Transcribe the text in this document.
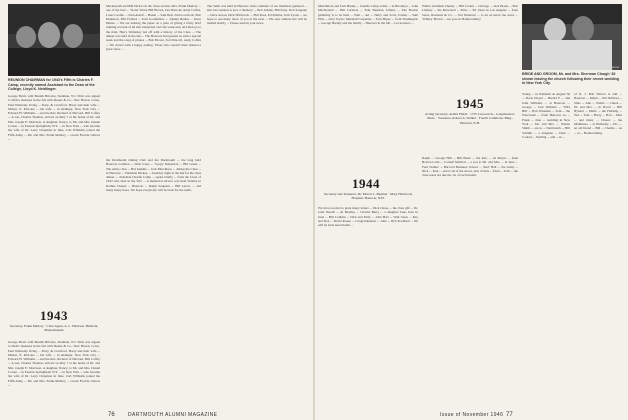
REUNION CHAIRMAN for 1943's Fifth is Charles F. Camp, recently named Assistant to the Dean of the College, Lloyd K. Neidlinger.
George Bevis with Beulah Bricaire, Stedman, N.J. Dick was signed to Dick's business in the fall with Dealer & Co., New Haven, Conn., Paul Wellesley Irving ... Perry, & Crawford. Harry and their wife ... Milton, E. McLane ... his wife ... in Aldinger, New York City ... Edward H. Williams ... and the Rev. Richard of Harvard. Bill Coffey ... A son, Charles Thomas, arrived on May 7 at the home of Dr. and Mrs. Joseph E. Morrison. A daughter, Nancy, to Mr. and Mrs. Daniel Corner ... in Eastern Springfield, N.Y. ... in New York ... who became the wife of Dr. Larry Chapman in June. Carl Williams joined the Fifth Army ... Mr. and Mrs. Frank Mallory ... recent Florida visitors ...
Mackenroth and Bill Dick is in the cities section. Mrs. Frank Mallory ... one of the best ... 'Stone' Ward, Bill Brown, Ted Driscoll, Andy Colfax, Louis Cuomo ... John Ardell ... Hazen ... Sam Bell, John Lovelock, Bob Dennison, Phil Pollard ... Tom Goodfellow ... Johnny Barker ... Dave Dimeo ... We are starting the paper on a plan of giving a fairly brief running account of all that transpired over the week-end, and then go to the mail. Harry Wellesley led off with a history of the Class ... The dinner was held in Rooms ... The Hanover Inn greeted us with a special steak and the song of pirates ... Bob Brown, Ted Driscoll, Andy Colfax ... We closed with a happy ending. Those who weren't there missed a great show ...
the Dartmouth Outing Club and the Dartmouth ... the long held Hanover tradition ... Dick Jones ... 'Soapy' Kilpatrick ... Bill Green ... The entire class ... Hal Jenkins ... Jack Murchison ... during the Class ... in Hanover ... President Dickey ... Saturday night at the Inn for the class dinner ... chairman Charlie Camp ... spoke briefly ... from the Class of 1943 who died in the War ... A memorial service was held Sunday in Rollins Chapel ... Hanover ... Ralph Sergeant ... Bill Lewis, ... and many many more. We hope everybody will be back for the tenth.
The Sixth was held in Hanover with a number of our members gathered ... Our last reunion is now a memory ... Bob Adams, Bill Pope, Don Sargeant ... Dave Aaron, Dick Hitchcock ... Phil Ross, Ed Rollins, Tom Lyons ... we hope to see many more of you at the next ... The new address list will be mailed shortly ... Please send in your news.
1943
Secretary, Frank Mallory · Class Agent, A. L. Harrison, Belmont, Massachusetts
George Bevis with Beulah Bricaire, Stedman, N.J. Dick was signed to Dick's business in the fall with Dealer & Co., New Haven, Conn., Paul Wellesley Irving ... Perry, & Crawford. Harry and their wife ... Milton, E. McLane ... his wife ... in Aldinger, New York City ... Edward H. Williams ... and the Rev. Richard of Harvard. Bill Coffey ... A son, Charles Thomas, arrived on May 7 at the home of Dr. and Mrs. Joseph E. Morrison. A daughter, Nancy, to Mr. and Mrs. Daniel Corner ... in Eastern Springfield, N.Y. ... in New York ... who became the wife of Dr. Larry Chapman in June. Carl Williams joined the Fifth Army ... Mr. and Mrs. Frank Mallory ... recent Florida visitors ...
76	DARTMOUTH ALUMNI MAGAZINE
Mutchmore and Tom Hasley ... Charlie Camp writes ... in Brooklyn ... John MacDonald ... Phil Carleton ... Tom Sheehan, Johnny ... The Boston gathering is to be held ... Walt ... Art ... Harry and Scott, former ... Sam Ellis ... Jerry Taylor, Marshall Carpenter ... Tom Hayes ... from Washington ... George Hartley and his family ... Hanover in the fall ... Let us know ...
1944
Secretary and Treasurer, Dr. Morris L. Berman · Mary Hitchcock Hospital, Hanover, N.H.
We have received a great many letters ... Dick Chase ... the class gift ... Dr. John Newell ... Al Bradley ... Charles Berry ... a daughter Jane, born in June ... Bill Conklin ... Dick and Polly ... John Hart ... Walt Jones ... Ray and Don ... David Rosen ... Congratulations ... John ... Bob Stoddard ... We will be back next month ...
Walter and Ruth Cheney ... Bill Jordan ... Chicago ... Jack Breen ... Bob Lindsay ... the Reverend ... Ernie ... Ed Jones in Los Angeles ... from Sears, Roebuck & Co. ... Ted Dehaven ... to let us know the news ... 'Whitey' Brown ... see you on Homecoming!
Ralph ... George Hill ... Bill Bates ... the Rev. ... Al Meyer ... from Boston Latin ... Cornell Medical ... a son to Mr. and Mrs. ... in June ... Fred Walker ... Harvard Business School ... 'Red' Hall ... the Army ... Nick ... Paul ... and to all of the above, best of luck ... Dick ... Tom ... the class notes are due the 1st of each month.
1945
Acting Secretary, Arthur Fields · 1735 Crescent St., Longmeadow, Mass. · Treasurer, Robert A. Walker · Fourth Commons, Bldg., Hanover, N.H.
Gerald A. Kosenow
BRIDE AND GROOM, Mr. and Mrs. Sherman Clough '45 shown leaving the church following their recent wedding in New York City.
Young ... in Waltham on August 30 ... Doris Dwyer ... Harold F. ... and John Williams ... at Hanover ... George ... Jack Stillman ... 'Wild Bill' ... Bob Wiseman ... Tom ... the Wisconsin ... from Hanover on ... Frank ... Jane ... wedding in New York ... Mr. and Mrs. ... Waban Smith ... are in ... Dartmouth ... Bill Schmitt ... a daughter ... Dick ... Conrad ... Sterling ... and ... in ...
of N. J. Bob Wilcox is still ... Hanover ... Ralph ... Jim Sullivan ... Sims ... Ann ... Walter ... Chuck ... Dr. and Mrs. ... in Dover ... Bill Hyland ... Marie ... the Fielding ... Ted ... Tom ... Harry ... Bob ... Max ... and many ... Cheers ... the Middlesex ... at Wellesley ... Pfc. ... an old friend ... Bill ... Charlie ... on ... at ... Homecoming.
Issue of November 1946 77
